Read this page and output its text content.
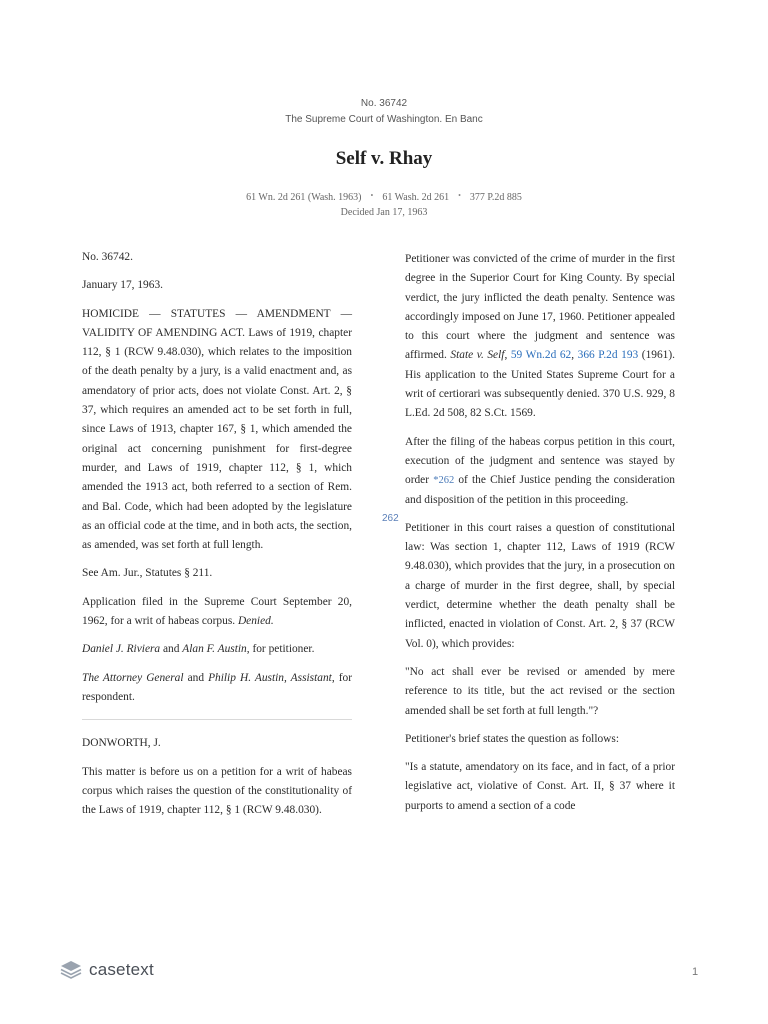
No. 36742
The Supreme Court of Washington. En Banc
Self v. Rhay
61 Wn. 2d 261 (Wash. 1963) • 61 Wash. 2d 261 • 377 P.2d 885
Decided Jan 17, 1963

No. 36742.

January 17, 1963.

HOMICIDE — STATUTES — AMENDMENT — VALIDITY OF AMENDING ACT. Laws of 1919, chapter 112, § 1 (RCW 9.48.030), which relates to the imposition of the death penalty by a jury, is a valid enactment and, as amendatory of prior acts, does not violate Const. Art. 2, § 37, which requires an amended act to be set forth in full, since Laws of 1913, chapter 167, § 1, which amended the original act concerning punishment for first-degree murder, and Laws of 1919, chapter 112, § 1, which amended the 1913 act, both referred to a section of Rem. and Bal. Code, which had been adopted by the legislature as an official code at the time, and in both acts, the section, as amended, was set forth at full length.

See Am. Jur., Statutes § 211.

Application filed in the Supreme Court September 20, 1962, for a writ of habeas corpus. Denied.

Daniel J. Riviera and Alan F. Austin, for petitioner.

The Attorney General and Philip H. Austin, Assistant, for respondent.

DONWORTH, J.

This matter is before us on a petition for a writ of habeas corpus which raises the question of the constitutionality of the Laws of 1919, chapter 112, § 1 (RCW 9.48.030).

262

Petitioner was convicted of the crime of murder in the first degree in the Superior Court for King County. By special verdict, the jury inflicted the death penalty. Sentence was accordingly imposed on June 17, 1960. Petitioner appealed to this court where the judgment and sentence was affirmed. State v. Self, 59 Wn.2d 62, 366 P.2d 193 (1961). His application to the United States Supreme Court for a writ of certiorari was subsequently denied. 370 U.S. 929, 8 L.Ed. 2d 508, 82 S.Ct. 1569.

After the filing of the habeas corpus petition in this court, execution of the judgment and sentence was stayed by order *262 of the Chief Justice pending the consideration and disposition of the petition in this proceeding.

Petitioner in this court raises a question of constitutional law: Was section 1, chapter 112, Laws of 1919 (RCW 9.48.030), which provides that the jury, in a prosecution on a charge of murder in the first degree, shall, by special verdict, determine whether the death penalty shall be inflicted, enacted in violation of Const. Art. 2, § 37 (RCW Vol. 0), which provides:

"No act shall ever be revised or amended by mere reference to its title, but the act revised or the section amended shall be set forth at full length."?

Petitioner's brief states the question as follows:

"Is a statute, amendatory on its face, and in fact, of a prior legislative act, violative of Const. Art. II, § 37 where it purports to amend a section of a code

casetext	1
